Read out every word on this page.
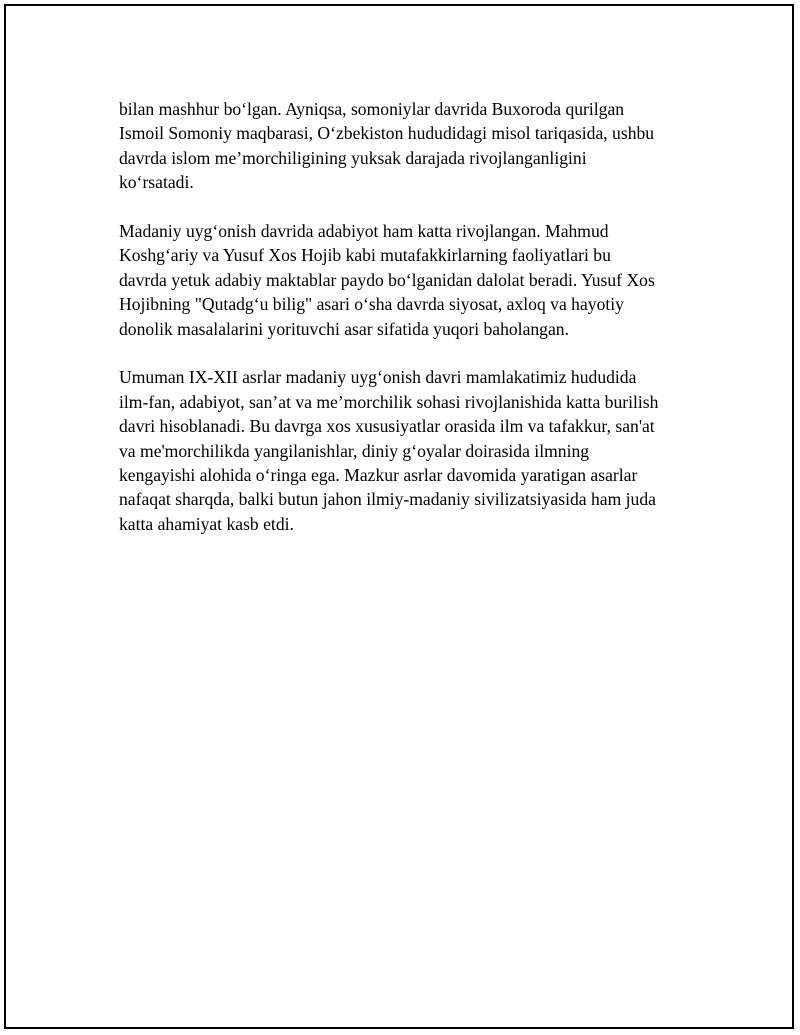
bilan mashhur bo‘lgan. Ayniqsa, somoniylar davrida Buxoroda qurilgan
Ismoil Somoniy maqbarasi, O‘zbekiston hududidagi misol tariqasida, ushbu
davrda islom me’morchiligining yuksak darajada rivojlanganligini
ko‘rsatadi.

Madaniy uyg‘onish davrida adabiyot ham katta rivojlangan. Mahmud
Koshg‘ariy va Yusuf Xos Hojib kabi mutafakkirlarning faoliyatlari bu
davrda yetuk adabiy maktablar paydo bo‘lganidan dalolat beradi. Yusuf Xos
Hojibning "Qutadg‘u bilig" asari o‘sha davrda siyosat, axloq va hayotiy
donolik masalalarini yorituvchi asar sifatida yuqori baholangan.

Umuman IX-XII asrlar madaniy uyg‘onish davri mamlakatimiz hududida
ilm-fan, adabiyot, san’at va me’morchilik sohasi rivojlanishida katta burilish
davri hisoblanadi. Bu davrga xos xususiyatlar orasida ilm va tafakkur, san'at
va me'morchilikda yangilanishlar, diniy g‘oyalar doirasida ilmning
kengayishi alohida o‘ringa ega. Mazkur asrlar davomida yaratigan asarlar
nafaqat sharqda, balki butun jahon ilmiy-madaniy sivilizatsiyasida ham juda
katta ahamiyat kasb etdi.
